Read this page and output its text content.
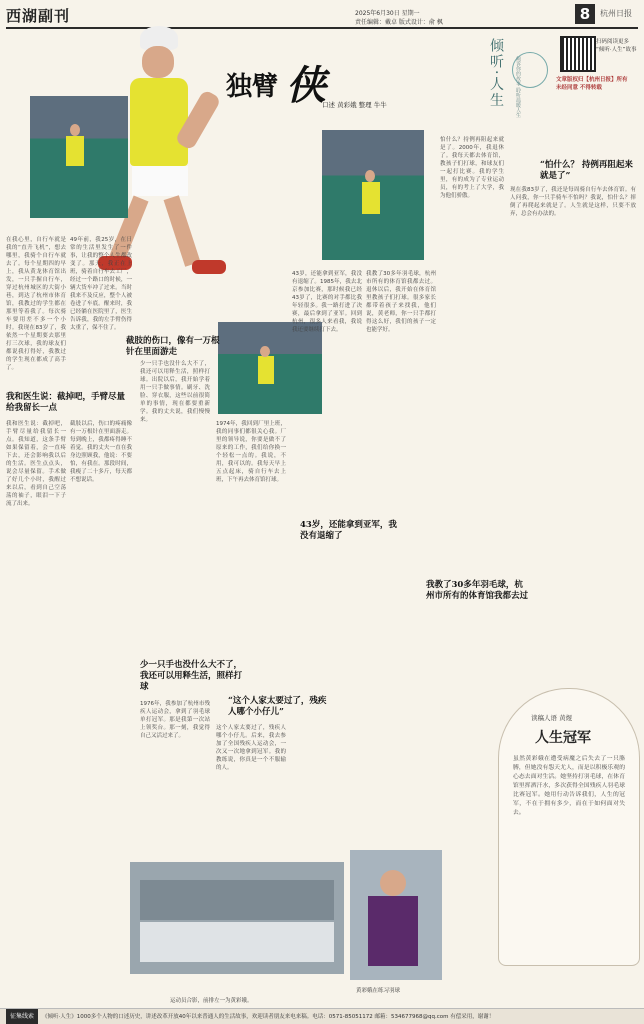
西湖副刊	2025年6月30日 星期一
责任编辑：戴卓 版式设计：俞 枫	8	杭州日报
倾听·人生
倾诉你的故事 聆听温暖人生
扫码阅读更多
“倾听·人生”故事
文章版权归【杭州日报】所有
未经同意 不得转载
独臂 侠
口述 黄彩娥 整理 牛牛
在我心里，自行车就是我的“直升飞机”，想去哪里，我骑个自行车就去了。每个星期四的早上，我从黄龙体育馆出发，一只手握自行车，穿过杭州城区的大街小巷，到达了杭州市体育馆，我教过的学生都在那里等着我了。每次骑车要用差不多一个小时。我现在83岁了，我依然一个星期要去那里打三次球，我的球友们都说我打得好，我教过的学生现在都成了高手了。
49年前，我25岁，在日常的生活里发生了一件事，让我的整个人生都改变了。那天，我正在上班，骑着自行车去工厂，经过一个路口的时候，一辆大货车冲了过来。当时我来不及反应，整个人被卷进了车底。醒来时，我已经躺在医院里了，医生告诉我，我的左手臂伤得太重了，保不住了。
我和医生说：截掉吧，手臂尽量给我留长一点
我和医生说：截掉吧，手臂尽量给我留长一点。我知道，这条手臂如果保留着，会一直疼下去，还会影响我以后的生活。医生点点头，说会尽量保留。手术做了好几个小时，我醒过来以后，看到自己空荡荡的袖子，眼泪一下子流了出来。
截肢以后，伤口的疼痛像有一万根针在里面游走。每到晚上，我都疼得睡不着觉。我的丈夫一直在我身边照顾我，他说：不要怕，有我在。那段时间，我瘦了二十多斤，每天都不想说话。
截肢的伤口，像有一万根针在里面游走
少一只手也没什么大不了，我还可以用释生活，照样打球。出院以后，我开始学着用一只手做事情。刷牙、洗脸、穿衣服，这些以前很简单的事情，现在都要重新学。我的丈夫说，我们慢慢来。
1974年，我回到厂里上班，我的同事们都很关心我。厂里的领导说，你要是做不了原来的工作，我们给你换一个轻松一点的。我说，不用，我可以的。我每天早上五点起床，骑自行车去上班，下午再去体育馆打球。
少一只手也没什么大不了，我还可以用释生活，照样打球
1976年，我参加了杭州市残疾人运动会，拿到了羽毛球单打冠军。那是我第一次站上领奖台。那一刻，我觉得自己又活过来了。
“这个人家太要过了，残疾人哪个小仔儿”
这个人家太要过了，残疾人哪个小仔儿。后来，我去参加了全国残疾人运动会，一次又一次地拿到冠军。我的教练说，你真是一个不服输的人。
43岁，还能拿到亚军，我没有退缩了。1985年，我去北京参加比赛，那时候我已经43岁了，比赛的对手都比我年轻很多。我一路打进了决赛，最后拿到了亚军。回到杭州，很多人来看我，我说我还要继续打下去。
43岁，还能拿到亚军，我没有退缩了
我教了30多年羽毛球，杭州市所有的体育馆我都去过。退休以后，我开始在体育馆里教孩子们打球。很多家长都带着孩子来找我，他们说，黄老师，你一只手都打得这么好，我们的孩子一定也能学好。
怕什么？持例再阻起来就是了。2000年，我退休了。我每天都去体育馆，教孩子们打球，和球友们一起打比赛。我的学生里，有的成为了专业运动员，有的考上了大学，我为他们骄傲。
我教了30多年羽毛球，杭州市所有的体育馆我都去过
“怕什么？ 持例再阻起来就是了”
现在我83岁了，我还是每周骑自行车去体育馆。有人问我，你一只手骑车不怕吗？我说，怕什么？摔倒了再爬起来就是了。人生就是这样，只要不放弃，总会有办法的。
黄彩娥在练习羽球
运动员合影，前排左一为黄彩娥。
读稿人语 黄煜
人生冠军
虽然黄彩娥在遭受病魔之后失去了一只胳膊，但她没有怨天尤人，而是以积极乐观的心态去面对生活。她坚持打羽毛球，在体育馆里挥洒汗水，多次获得全国残疾人羽毛球比赛冠军。她用行动告诉我们，人生的冠军，不在于拥有多少，而在于如何面对失去。
征集线索 《倾听·人生》1000多个人物的口述历史，讲述改革开放40年以来普通人的生活故事，欢迎读者朋友来电来稿。电话：0571-85051172 邮箱：534677968@qq.com 有偿采用，谢谢！
